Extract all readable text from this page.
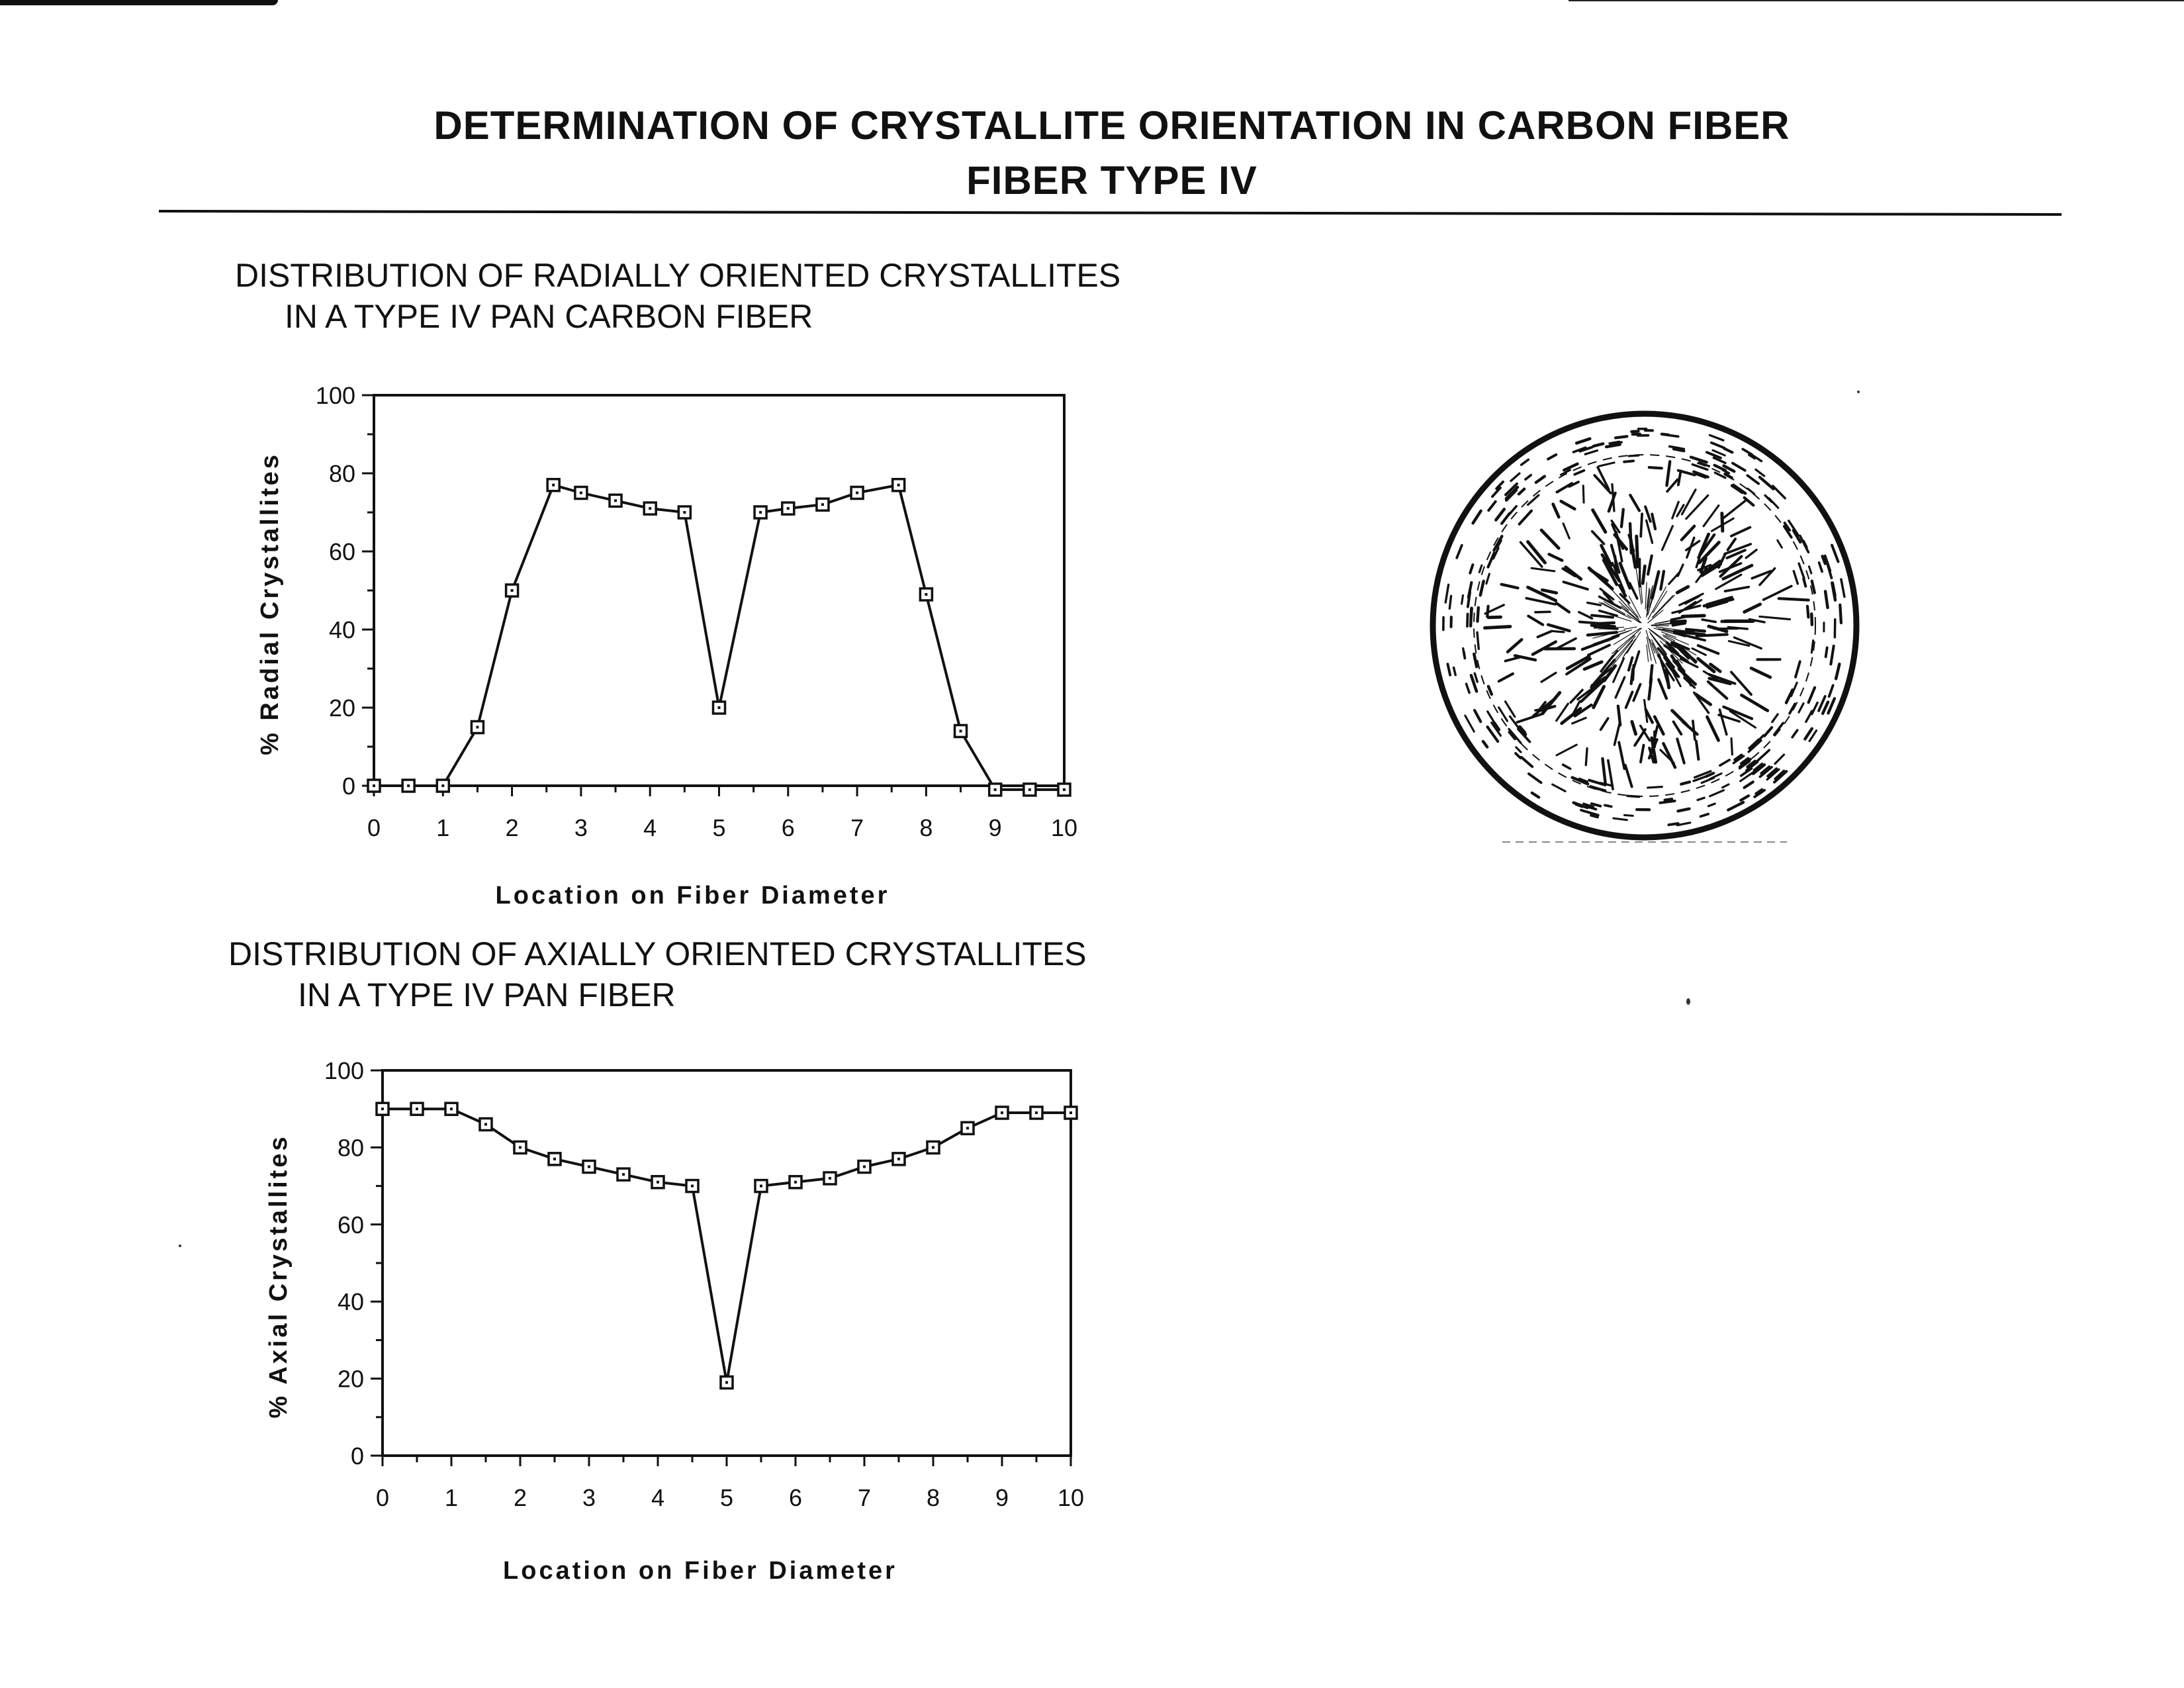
DETERMINATION OF CRYSTALLITE ORIENTATION IN CARBON FIBER
FIBER TYPE IV
DISTRIBUTION OF RADIALLY ORIENTED CRYSTALLITES
IN A TYPE IV PAN CARBON FIBER
DISTRIBUTION OF AXIALLY ORIENTED CRYSTALLITES
IN A TYPE IV PAN FIBER
0
20
40
60
80
100
0 1 2 3 4 5 6 7 8 9 10
Location on Fiber Diameter
% Radial Crystallites
0
20
40
60
80
100
0 1 2 3 4 5 6 7 8 9 10
Location on Fiber Diameter
% Axial Crystallites
